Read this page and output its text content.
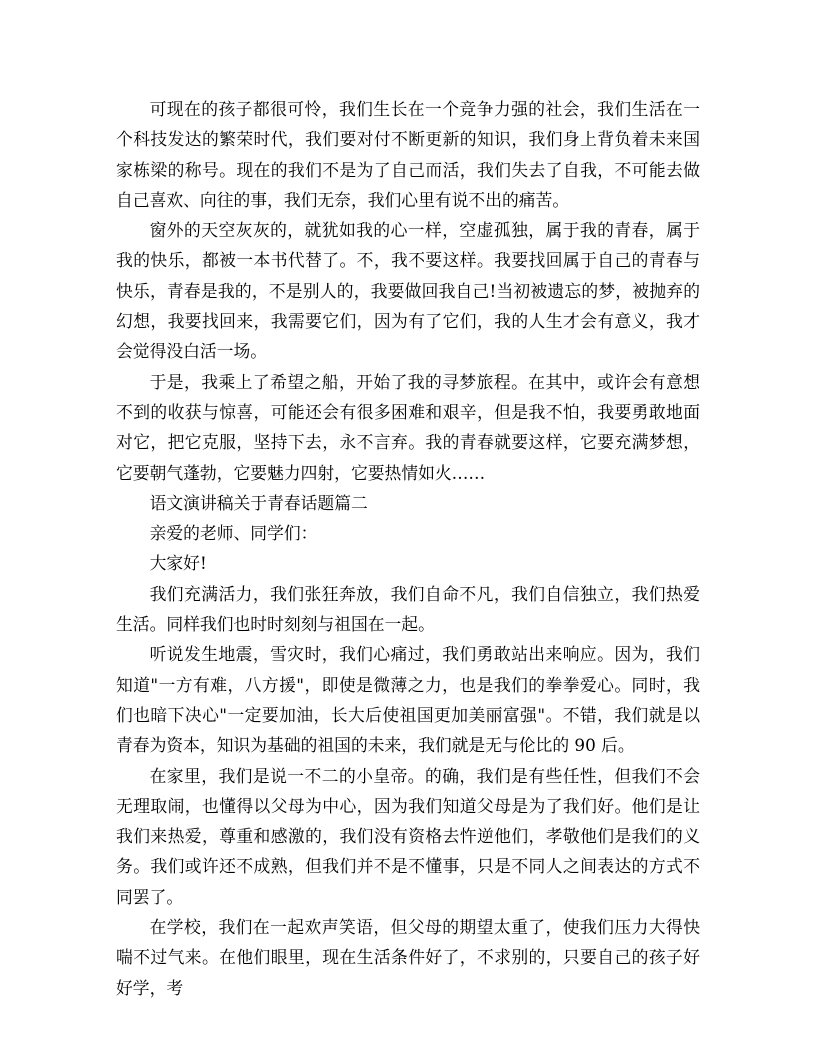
可现在的孩子都很可怜，我们生长在一个竞争力强的社会，我们生活在一个科技发达的繁荣时代，我们要对付不断更新的知识，我们身上背负着未来国家栋梁的称号。现在的我们不是为了自己而活，我们失去了自我，不可能去做自己喜欢、向往的事，我们无奈，我们心里有说不出的痛苦。

窗外的天空灰灰的，就犹如我的心一样，空虚孤独，属于我的青春，属于我的快乐，都被一本书代替了。不，我不要这样。我要找回属于自己的青春与快乐，青春是我的，不是别人的，我要做回我自己!当初被遗忘的梦，被抛弃的幻想，我要找回来，我需要它们，因为有了它们，我的人生才会有意义，我才会觉得没白活一场。

于是，我乘上了希望之船，开始了我的寻梦旅程。在其中，或许会有意想不到的收获与惊喜，可能还会有很多困难和艰辛，但是我不怕，我要勇敢地面对它，把它克服，坚持下去，永不言弃。我的青春就要这样，它要充满梦想，它要朝气蓬勃，它要魅力四射，它要热情如火……

语文演讲稿关于青春话题篇二

亲爱的老师、同学们：

大家好!

我们充满活力，我们张狂奔放，我们自命不凡，我们自信独立，我们热爱生活。同样我们也时时刻刻与祖国在一起。

听说发生地震，雪灾时，我们心痛过，我们勇敢站出来响应。因为，我们知道"一方有难，八方援"，即使是微薄之力，也是我们的拳拳爱心。同时，我们也暗下决心"一定要加油，长大后使祖国更加美丽富强"。不错，我们就是以青春为资本，知识为基础的祖国的未来，我们就是无与伦比的 90 后。

在家里，我们是说一不二的小皇帝。的确，我们是有些任性，但我们不会无理取闹，也懂得以父母为中心，因为我们知道父母是为了我们好。他们是让我们来热爱，尊重和感激的，我们没有资格去忤逆他们，孝敬他们是我们的义务。我们或许还不成熟，但我们并不是不懂事，只是不同人之间表达的方式不同罢了。

在学校，我们在一起欢声笑语，但父母的期望太重了，使我们压力大得快喘不过气来。在他们眼里，现在生活条件好了，不求别的，只要自己的孩子好好学，考
